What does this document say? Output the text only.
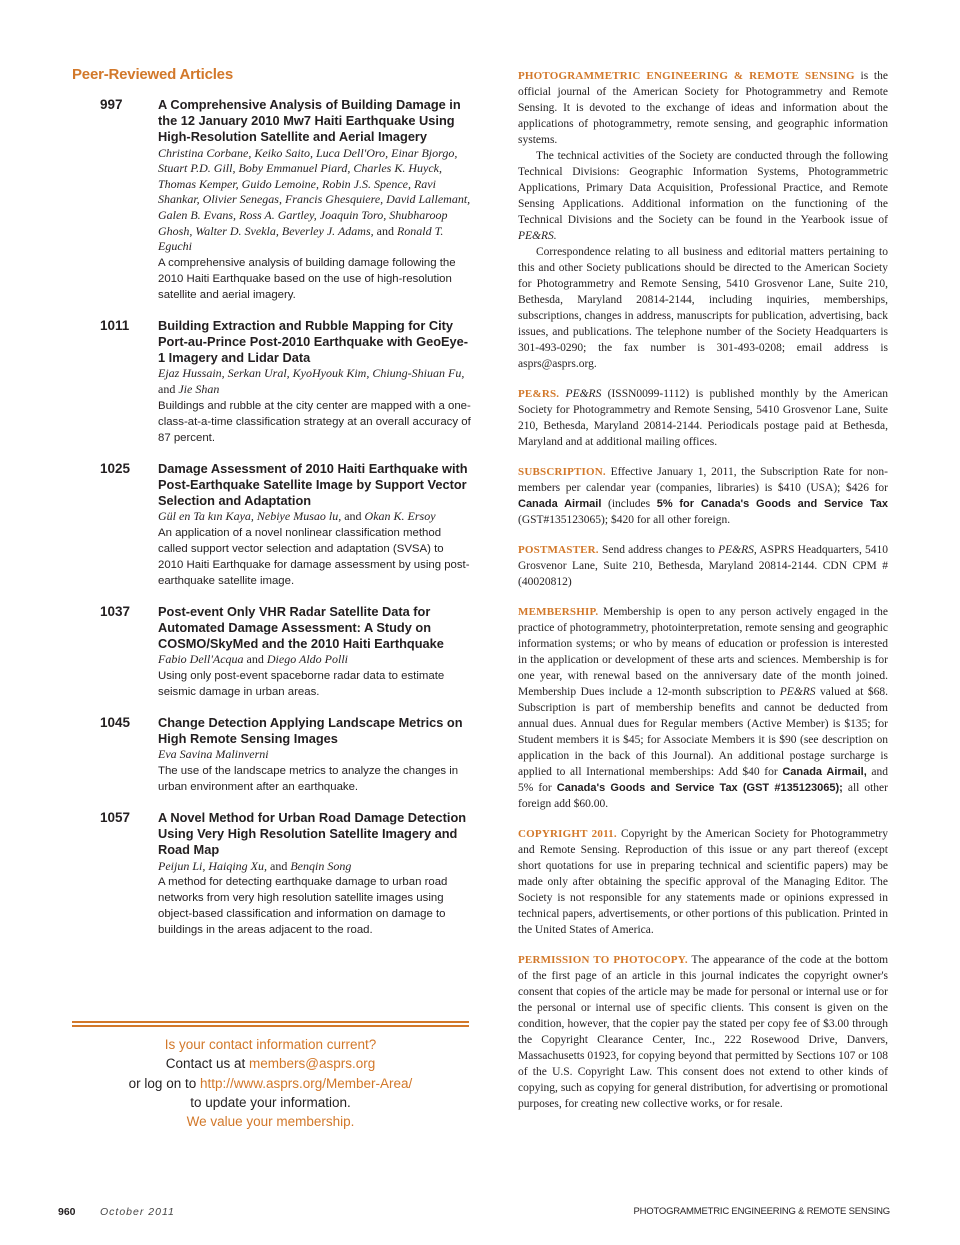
Peer-Reviewed Articles
997	A Comprehensive Analysis of Building Damage in the 12 January 2010 Mw7 Haiti Earthquake Using High-Resolution Satellite and Aerial Imagery
Christina Corbane, Keiko Saito, Luca Dell'Oro, Einar Bjorgo, Stuart P.D. Gill, Boby Emmanuel Piard, Charles K. Huyck, Thomas Kemper, Guido Lemoine, Robin J.S. Spence, Ravi Shankar, Olivier Senegas, Francis Ghesquiere, David Lallemant, Galen B. Evans, Ross A. Gartley, Joaquin Toro, Shubharoop Ghosh, Walter D. Svekla, Beverley J. Adams, and Ronald T. Eguchi
A comprehensive analysis of building damage following the 2010 Haiti Earthquake based on the use of high-resolution satellite and aerial imagery.
1011	Building Extraction and Rubble Mapping for City Port-au-Prince Post-2010 Earthquake with GeoEye-1 Imagery and Lidar Data
Ejaz Hussain, Serkan Ural, KyoHyouk Kim, Chiung-Shiuan Fu, and Jie Shan
Buildings and rubble at the city center are mapped with a one-class-at-a-time classification strategy at an overall accuracy of 87 percent.
1025	Damage Assessment of 2010 Haiti Earthquake with Post-Earthquake Satellite Image by Support Vector Selection and Adaptation
Gül en Ta kın Kaya, Nebiye Musao lu, and Okan K. Ersoy
An application of a novel nonlinear classification method called support vector selection and adaptation (SVSA) to 2010 Haiti Earthquake for damage assessment by using post-earthquake satellite image.
1037	Post-event Only VHR Radar Satellite Data for Automated Damage Assessment: A Study on COSMO/SkyMed and the 2010 Haiti Earthquake
Fabio Dell'Acqua and Diego Aldo Polli
Using only post-event spaceborne radar data to estimate seismic damage in urban areas.
1045	Change Detection Applying Landscape Metrics on High Remote Sensing Images
Eva Savina Malinverni
The use of the landscape metrics to analyze the changes in urban environment after an earthquake.
1057	A Novel Method for Urban Road Damage Detection Using Very High Resolution Satellite Imagery and Road Map
Peijun Li, Haiqing Xu, and Benqin Song
A method for detecting earthquake damage to urban road networks from very high resolution satellite images using object-based classification and information on damage to buildings in the areas adjacent to the road.
Is your contact information current?
Contact us at members@asprs.org
or log on to http://www.asprs.org/Member-Area/
to update your information.
We value your membership.

PHOTOGRAMMETRIC ENGINEERING & REMOTE SENSING is the official journal of the American Society for Photogrammetry and Remote Sensing. It is devoted to the exchange of ideas and information about the applications of photogrammetry, remote sensing, and geographic information systems.

The technical activities of the Society are conducted through the following Technical Divisions: Geographic Information Systems, Photogrammetric Applications, Primary Data Acquisition, Professional Practice, and Remote Sensing Applications. Additional information on the functioning of the Technical Divisions and the Society can be found in the Yearbook issue of PE&RS.

Correspondence relating to all business and editorial matters pertaining to this and other Society publications should be directed to the American Society for Photogrammetry and Remote Sensing, 5410 Grosvenor Lane, Suite 210, Bethesda, Maryland 20814-2144, including inquiries, memberships, subscriptions, changes in address, manuscripts for publication, advertising, back issues, and publications. The telephone number of the Society Headquarters is 301-493-0290; the fax number is 301-493-0208; email address is asprs@asprs.org.

PE&RS. PE&RS (ISSN0099-1112) is published monthly by the American Society for Photogrammetry and Remote Sensing, 5410 Grosvenor Lane, Suite 210, Bethesda, Maryland 20814-2144. Periodicals postage paid at Bethesda, Maryland and at additional mailing offices.

SUBSCRIPTION. Effective January 1, 2011, the Subscription Rate for non-members per calendar year (companies, libraries) is $410 (USA); $426 for Canada Airmail (includes 5% for Canada's Goods and Service Tax (GST#135123065); $420 for all other foreign.

POSTMASTER. Send address changes to PE&RS, ASPRS Headquarters, 5410 Grosvenor Lane, Suite 210, Bethesda, Maryland 20814-2144. CDN CPM #(40020812)

MEMBERSHIP. Membership is open to any person actively engaged in the practice of photogrammetry, photointerpretation, remote sensing and geographic information systems; or who by means of education or profession is interested in the application or development of these arts and sciences. Membership is for one year, with renewal based on the anniversary date of the month joined. Membership Dues include a 12-month subscription to PE&RS valued at $68. Subscription is part of membership benefits and cannot be deducted from annual dues. Annual dues for Regular members (Active Member) is $135; for Student members it is $45; for Associate Members it is $90 (see description on application in the back of this Journal). An additional postage surcharge is applied to all International memberships: Add $40 for Canada Airmail, and 5% for Canada's Goods and Service Tax (GST #135123065); all other foreign add $60.00.

COPYRIGHT 2011. Copyright by the American Society for Photogrammetry and Remote Sensing. Reproduction of this issue or any part thereof (except short quotations for use in preparing technical and scientific papers) may be made only after obtaining the specific approval of the Managing Editor. The Society is not responsible for any statements made or opinions expressed in technical papers, advertisements, or other portions of this publication. Printed in the United States of America.

PERMISSION TO PHOTOCOPY. The appearance of the code at the bottom of the first page of an article in this journal indicates the copyright owner's consent that copies of the article may be made for personal or internal use or for the personal or internal use of specific clients. This consent is given on the condition, however, that the copier pay the stated per copy fee of $3.00 through the Copyright Clearance Center, Inc., 222 Rosewood Drive, Danvers, Massachusetts 01923, for copying beyond that permitted by Sections 107 or 108 of the U.S. Copyright Law. This consent does not extend to other kinds of copying, such as copying for general distribution, for advertising or promotional purposes, for creating new collective works, or for resale.

960 October 2011	PHOTOGRAMMETRIC ENGINEERING & REMOTE SENSING
